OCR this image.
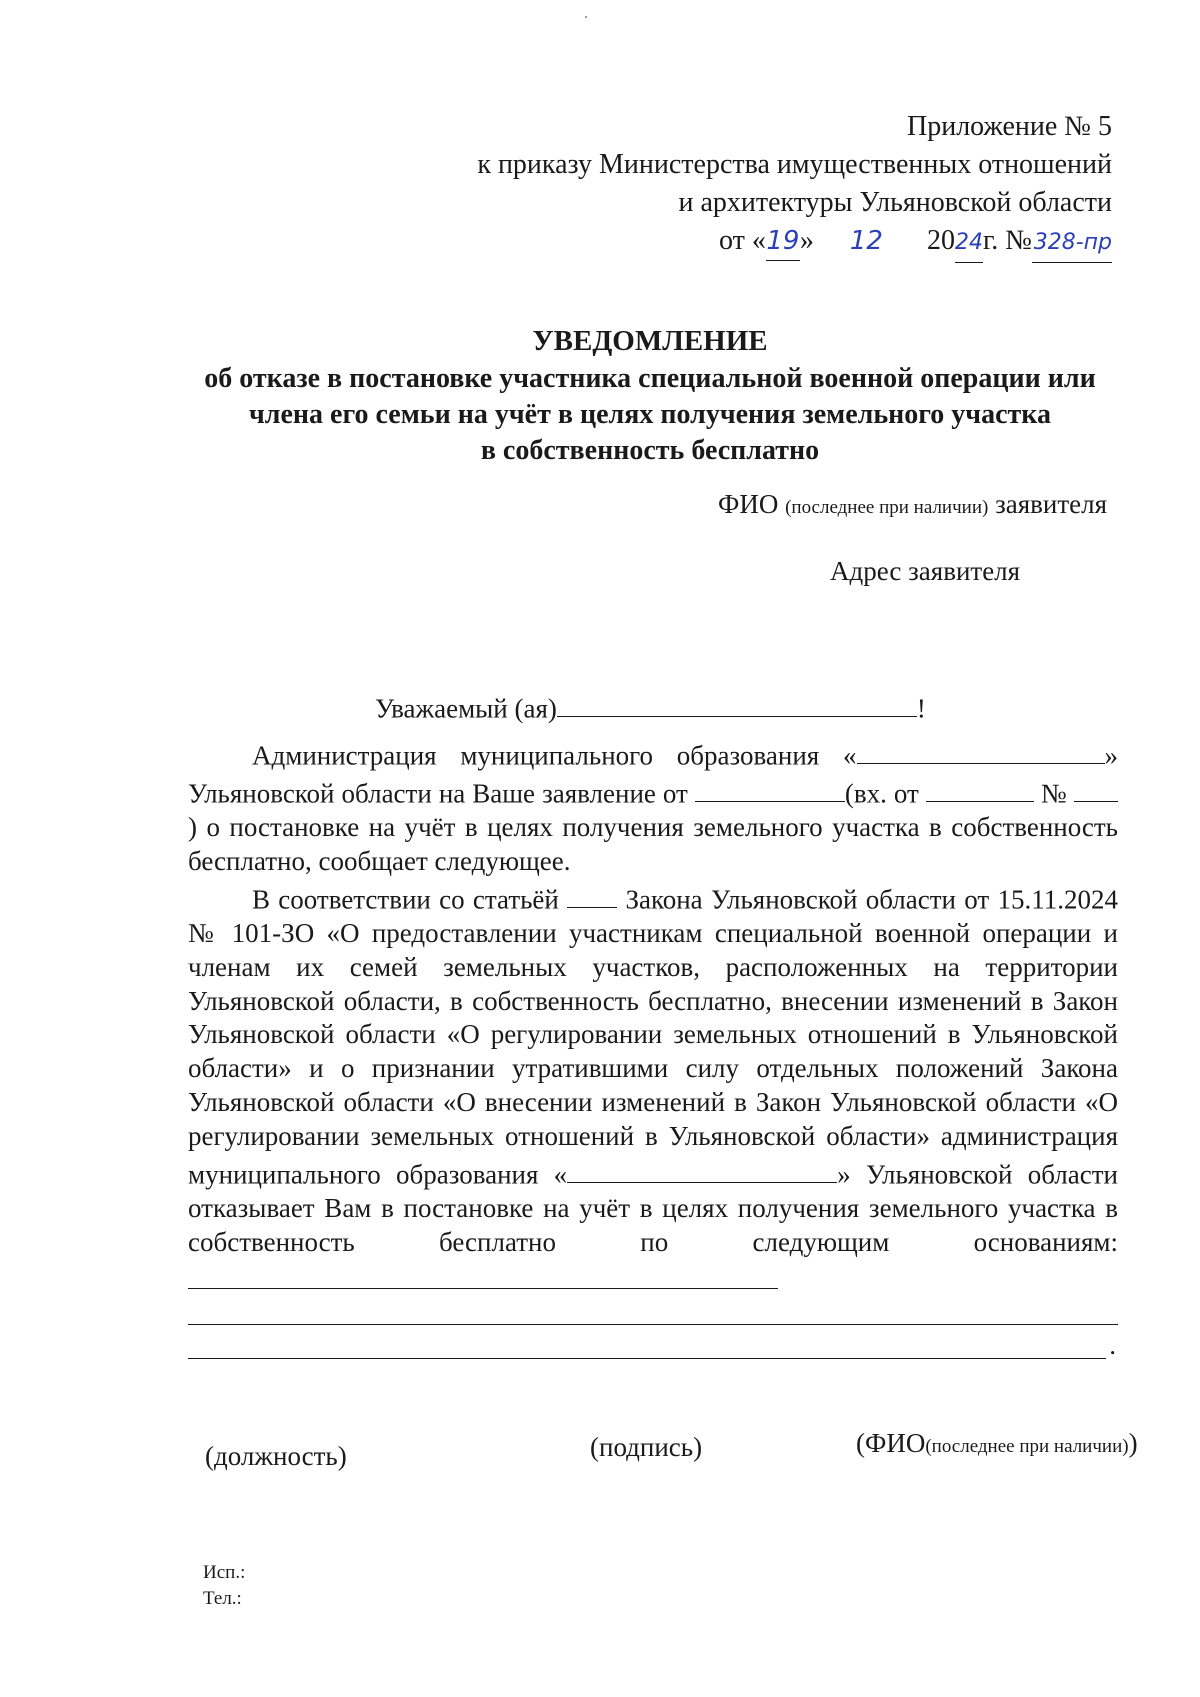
Приложение № 5
к приказу Министерства имущественных отношений
и архитектуры Ульяновской области
от «19» 12 2024г. №328-пр
УВЕДОМЛЕНИЕ
об отказе в постановке участника специальной военной операции или
члена его семьи на учёт в целях получения земельного участка
в собственность бесплатно
ФИО (последнее при наличии) заявителя
Адрес заявителя
Уважаемый (ая)	!

Администрация муниципального образования «	» Ульяновской области на Ваше заявление от	(вх. от	№ ) о постановке на учёт в целях получения земельного участка в собственность бесплатно, сообщает следующее.

В соответствии со статьёй Закона Ульяновской области от 15.11.2024 № 101-ЗО «О предоставлении участникам специальной военной операции и членам их семей земельных участков, расположенных на территории Ульяновской области, в собственность бесплатно, внесении изменений в Закон Ульяновской области «О регулировании земельных отношений в Ульяновской области» и о признании утратившими силу отдельных положений Закона Ульяновской области «О внесении изменений в Закон Ульяновской области «О регулировании земельных отношений в Ульяновской области» администрация муниципального образования «	» Ульяновской области отказывает Вам в постановке на учёт в целях получения земельного участка в собственность бесплатно по следующим основаниям:

.
(должность)	(подпись)	(ФИО(последнее при наличии))
Исп.:
Тел.:
